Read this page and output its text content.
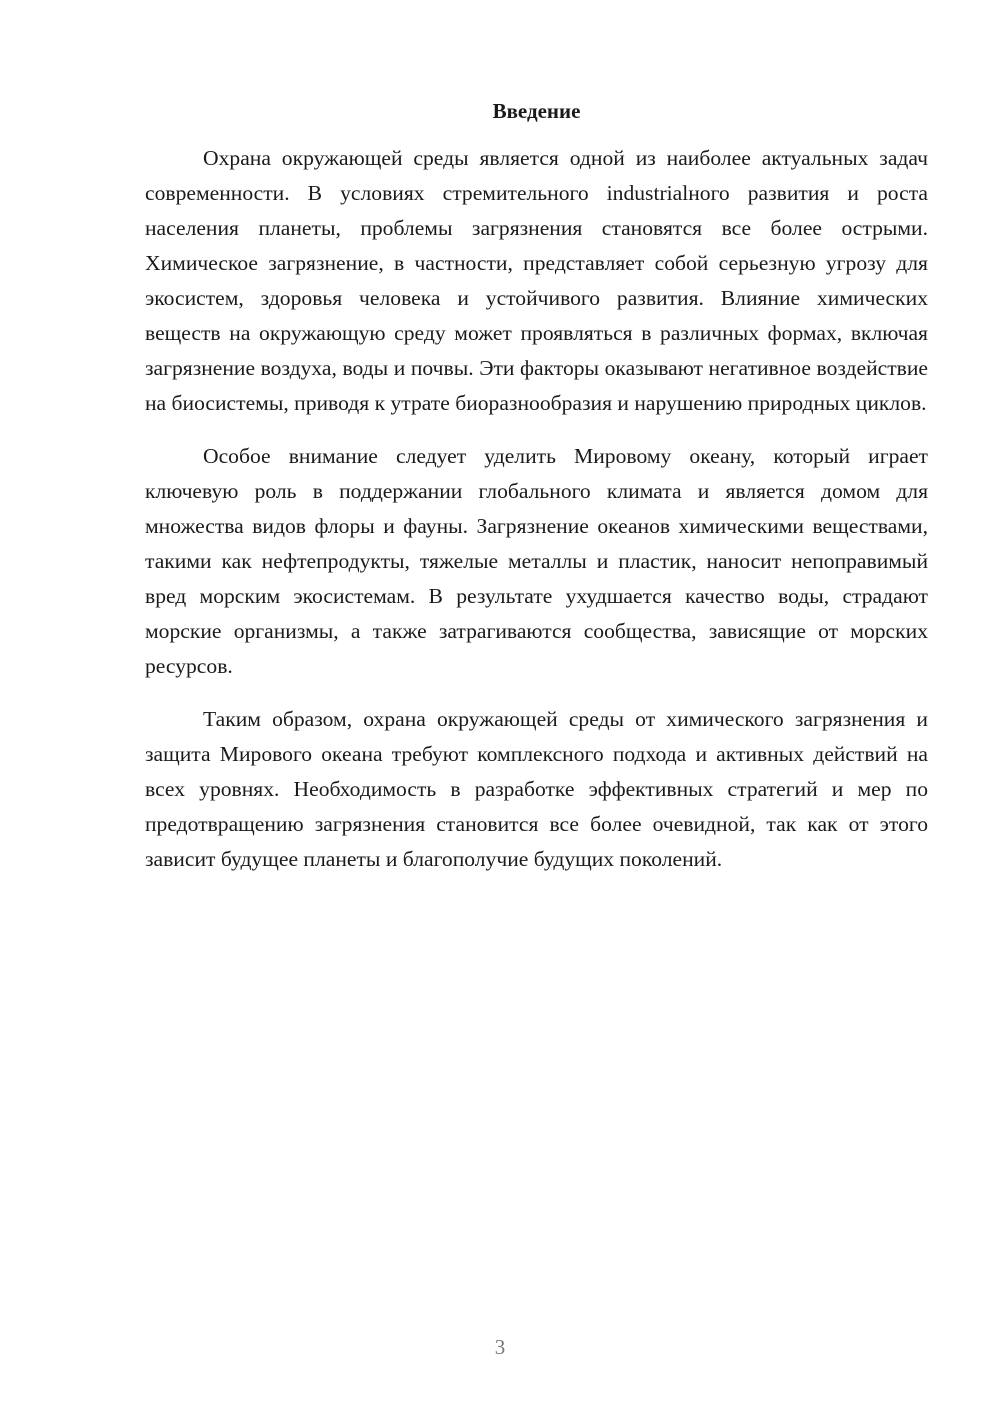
Введение

Охрана окружающей среды является одной из наиболее актуальных задач современности. В условиях стремительного industrialного развития и роста населения планеты, проблемы загрязнения становятся все более острыми. Химическое загрязнение, в частности, представляет собой серьезную угрозу для экосистем, здоровья человека и устойчивого развития. Влияние химических веществ на окружающую среду может проявляться в различных формах, включая загрязнение воздуха, воды и почвы. Эти факторы оказывают негативное воздействие на биосистемы, приводя к утрате биоразнообразия и нарушению природных циклов.

Особое внимание следует уделить Мировому океану, который играет ключевую роль в поддержании глобального климата и является домом для множества видов флоры и фауны. Загрязнение океанов химическими веществами, такими как нефтепродукты, тяжелые металлы и пластик, наносит непоправимый вред морским экосистемам. В результате ухудшается качество воды, страдают морские организмы, а также затрагиваются сообщества, зависящие от морских ресурсов.

Таким образом, охрана окружающей среды от химического загрязнения и защита Мирового океана требуют комплексного подхода и активных действий на всех уровнях. Необходимость в разработке эффективных стратегий и мер по предотвращению загрязнения становится все более очевидной, так как от этого зависит будущее планеты и благополучие будущих поколений.

3
